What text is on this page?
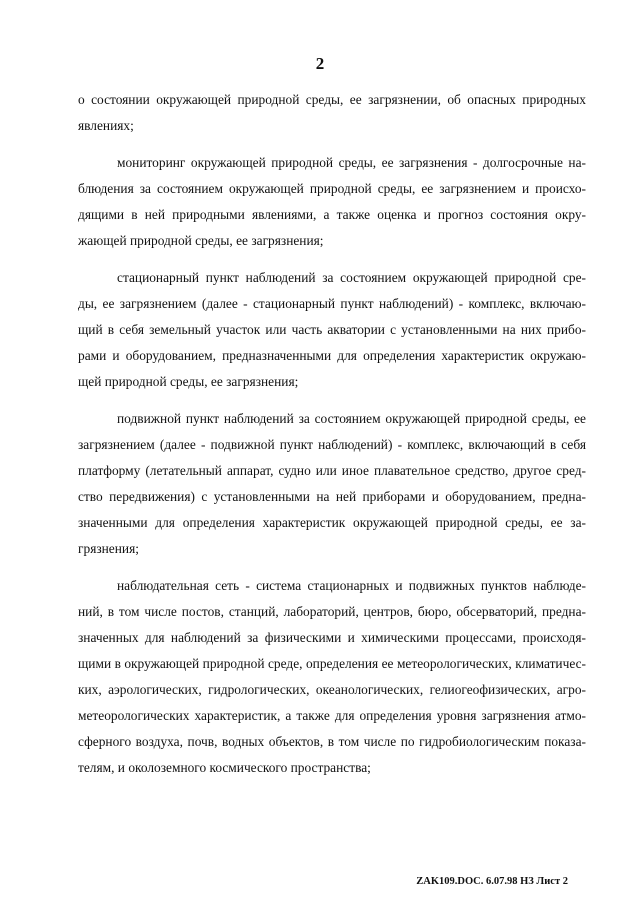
2
о состоянии окружающей природной среды, ее загрязнении, об опасных природных
явлениях;
мониторинг окружающей природной среды, ее загрязнения - долгосрочные на-
блюдения за состоянием окружающей природной среды, ее загрязнением и происхо-
дящими в ней природными явлениями, а также оценка и прогноз состояния окру-
жающей природной среды, ее загрязнения;
стационарный пункт наблюдений за состоянием окружающей природной сре-
ды, ее загрязнением (далее - стационарный пункт наблюдений) - комплекс, включаю-
щий в себя земельный участок или часть акватории с установленными на них прибо-
рами и оборудованием, предназначенными для определения характеристик окружаю-
щей природной среды, ее загрязнения;
подвижной пункт наблюдений за состоянием окружающей природной среды, ее
загрязнением (далее - подвижной пункт наблюдений) - комплекс, включающий в себя
платформу (летательный аппарат, судно или иное плавательное средство, другое сред-
ство передвижения) с установленными на ней приборами и оборудованием, предна-
значенными для определения характеристик окружающей природной среды, ее за-
грязнения;
наблюдательная сеть - система стационарных и подвижных пунктов наблюде-
ний, в том числе постов, станций, лабораторий, центров, бюро, обсерваторий, предна-
значенных для наблюдений за физическими и химическими процессами, происходя-
щими в окружающей природной среде, определения ее метеорологических, климатичес-
ких, аэрологических, гидрологических, океанологических, гелиогеофизических, агро-
метеорологических характеристик, а также для определения уровня загрязнения атмо-
сферного воздуха, почв, водных объектов, в том числе по гидробиологическим показа-
телям, и околоземного космического пространства;
ZAK109.DOC. 6.07.98 НЗ Лист 2
